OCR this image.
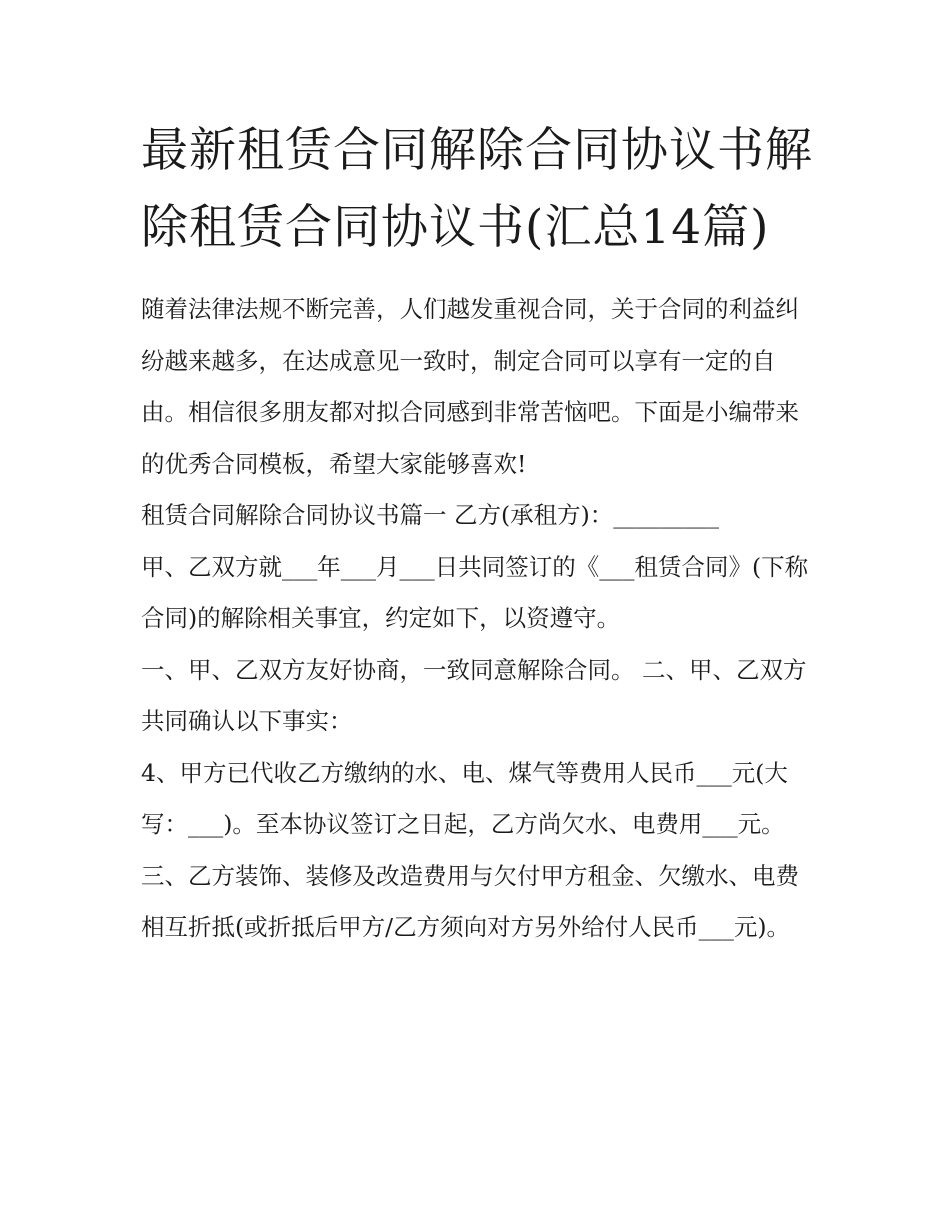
最新租赁合同解除合同协议书解除租赁合同协议书(汇总14篇)

随着法律法规不断完善，人们越发重视合同，关于合同的利益纠纷越来越多，在达成意见一致时，制定合同可以享有一定的自由。相信很多朋友都对拟合同感到非常苦恼吧。下面是小编带来的优秀合同模板，希望大家能够喜欢!

租赁合同解除合同协议书篇一 乙方(承租方)：_________

甲、乙双方就___年___月___日共同签订的《___租赁合同》(下称合同)的解除相关事宜，约定如下，以资遵守。

一、甲、乙双方友好协商，一致同意解除合同。 二、甲、乙双方共同确认以下事实：

4、甲方已代收乙方缴纳的水、电、煤气等费用人民币___元(大写：___)。至本协议签订之日起，乙方尚欠水、电费用___元。

三、乙方装饰、装修及改造费用与欠付甲方租金、欠缴水、电费相互折抵(或折抵后甲方/乙方须向对方另外给付人民币___元)。
